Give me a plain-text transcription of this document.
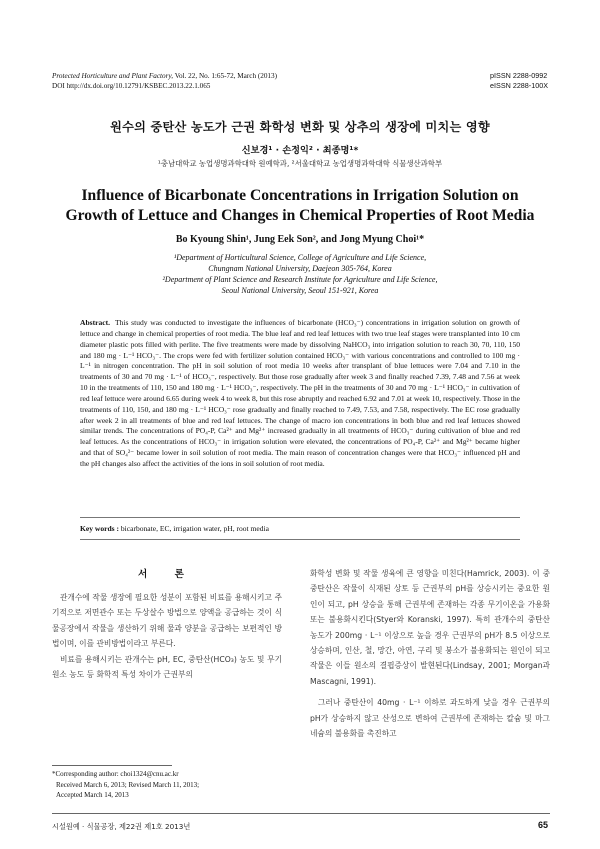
Protected Horticulture and Plant Factory, Vol. 22, No. 1:65-72, March (2013)
DOI http://dx.doi.org/10.12791/KSBEC.2013.22.1.065
pISSN 2288-0992
eISSN 2288-100X
원수의 중탄산 농도가 근권 화학성 변화 및 상추의 생장에 미치는 영향
신보경¹ · 손정익² · 최종명¹*
¹충남대학교 농업생명과학대학 원예학과, ²서울대학교 농업생명과학대학 식물생산과학부
Influence of Bicarbonate Concentrations in Irrigation Solution on Growth of Lettuce and Changes in Chemical Properties of Root Media
Bo Kyoung Shin¹, Jung Eek Son², and Jong Myung Choi¹*
¹Department of Horticultural Science, College of Agriculture and Life Science,
Chungnam National University, Daejeon 305-764, Korea
²Department of Plant Science and Research Institute for Agriculture and Life Science,
Seoul National University, Seoul 151-921, Korea
Abstract. This study was conducted to investigate the influences of bicarbonate (HCO₃⁻) concentrations in irrigation solution on growth of lettuce and change in chemical properties of root media. The blue leaf and red leaf lettuces with two true leaf stages were transplanted into 10 cm diameter plastic pots filled with perlite. The five treatments were made by dissolving NaHCO₃ into irrigation solution to reach 30, 70, 110, 150 and 180 mg · L⁻¹ HCO₃⁻. The crops were fed with fertilizer solution contained HCO₃⁻ with various concentrations and controlled to 100 mg · L⁻¹ in nitrogen concentration. The pH in soil solution of root media 10 weeks after transplant of blue lettuces were 7.04 and 7.10 in the treatments of 30 and 70 mg · L⁻¹ of HCO₃⁻, respectively. But those rose gradually after week 3 and finally reached 7.39, 7.48 and 7.56 at week 10 in the treatments of 110, 150 and 180 mg · L⁻¹ HCO₃⁻, respectively. The pH in the treatments of 30 and 70 mg · L⁻¹ HCO₃⁻ in cultivation of red leaf lettuce were around 6.65 during week 4 to week 8, but this rose abruptly and reached 6.92 and 7.01 at week 10, respectively. Those in the treatments of 110, 150, and 180 mg · L⁻¹ HCO₃⁻ rose gradually and finally reached to 7.49, 7.53, and 7.58, respectively. The EC rose gradually after week 2 in all treatments of blue and red leaf lettuces. The change of macro ion concentrations in both blue and red leaf lettuces showed similar trends. The concentrations of PO₄-P, Ca²⁺ and Mg²⁺ increased gradually in all treatments of HCO₃⁻ during cultivation of blue and red leaf lettuces. As the concentrations of HCO₃⁻ in irrigation solution were elevated, the concentrations of PO₄-P, Ca²⁺ and Mg²⁺ became higher and that of SO₄²⁻ became lower in soil solution of root media. The main reason of concentration changes were that HCO₃⁻ influenced pH and the pH changes also affect the activities of the ions in soil solution of root media.
Key words : bicarbonate, EC, irrigation water, pH, root media
서 론

관개수에 작물 생장에 필요한 성분이 포함된 비료를 용해시키고 주기적으로 저면관수 또는 두상살수 방법으로 양액을 공급하는 것이 식물공장에서 작물을 생산하기 위해 물과 양분을 공급하는 보편적인 방법이며, 이를 관비방법이라고 부른다.

비료를 용해시키는 관개수는 pH, EC, 중탄산(HCO₃) 농도 및 무기원소 농도 등 화학적 특성 차이가 근권부의

화학성 변화 및 작물 생육에 큰 영향을 미친다(Hamrick, 2003). 이 중 중탄산은 작물이 식재된 상토 등 근권부의 pH를 상승시키는 중요한 원인이 되고, pH 상승을 통해 근권부에 존재하는 각종 무기이온을 가용화 또는 불용화시킨다(Styer와 Koranski, 1997). 특히 관개수의 중탄산 농도가 200mg · L⁻¹ 이상으로 높을 경우 근권부의 pH가 8.5 이상으로 상승하며, 인산, 철, 망간, 아연, 구리 및 붕소가 불용화되는 원인이 되고 작물은 이들 원소의 결핍증상이 발현된다(Lindsay, 2001; Morgan과 Mascagni, 1991).

그러나 중탄산이 40mg · L⁻¹ 이하로 과도하게 낮을 경우 근권부의 pH가 상승하지 않고 산성으로 변하여 근권부에 존재하는 칼슘 및 마그네슘의 불용화를 촉진하고

*Corresponding author: choi1324@cnu.ac.kr
Received March 6, 2013; Revised March 11, 2013;
Accepted March 14, 2013
시설원예 · 식물공장, 제22권 제1호 2013년	65
